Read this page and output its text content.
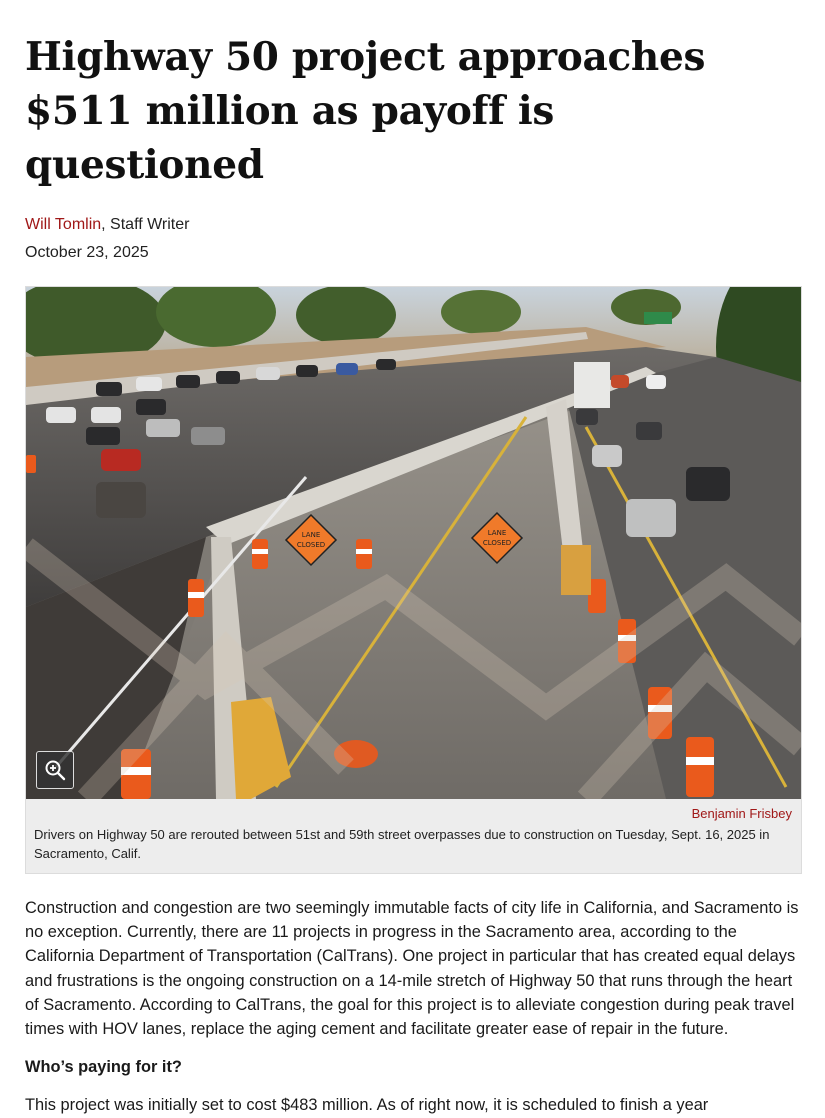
Highway 50 project approaches $511 million as payoff is questioned
Will Tomlin, Staff Writer
October 23, 2025
LANE
CLOSED
LANE
CLOSED
Benjamin Frisbey
Drivers on Highway 50 are rerouted between 51st and 59th street overpasses due to construction on Tuesday, Sept. 16, 2025 in Sacramento, Calif.

Construction and congestion are two seemingly immutable facts of city life in California, and Sacramento is no exception. Currently, there are 11 projects in progress in the Sacramento area, according to the California Department of Transportation (CalTrans). One project in particular that has created equal delays and frustrations is the ongoing construction on a 14-mile stretch of Highway 50 that runs through the heart of Sacramento. According to CalTrans, the goal for this project is to alleviate congestion during peak travel times with HOV lanes, replace the aging cement and facilitate greater ease of repair in the future.

Who’s paying for it?

This project was initially set to cost $483 million. As of right now, it is scheduled to finish a year
